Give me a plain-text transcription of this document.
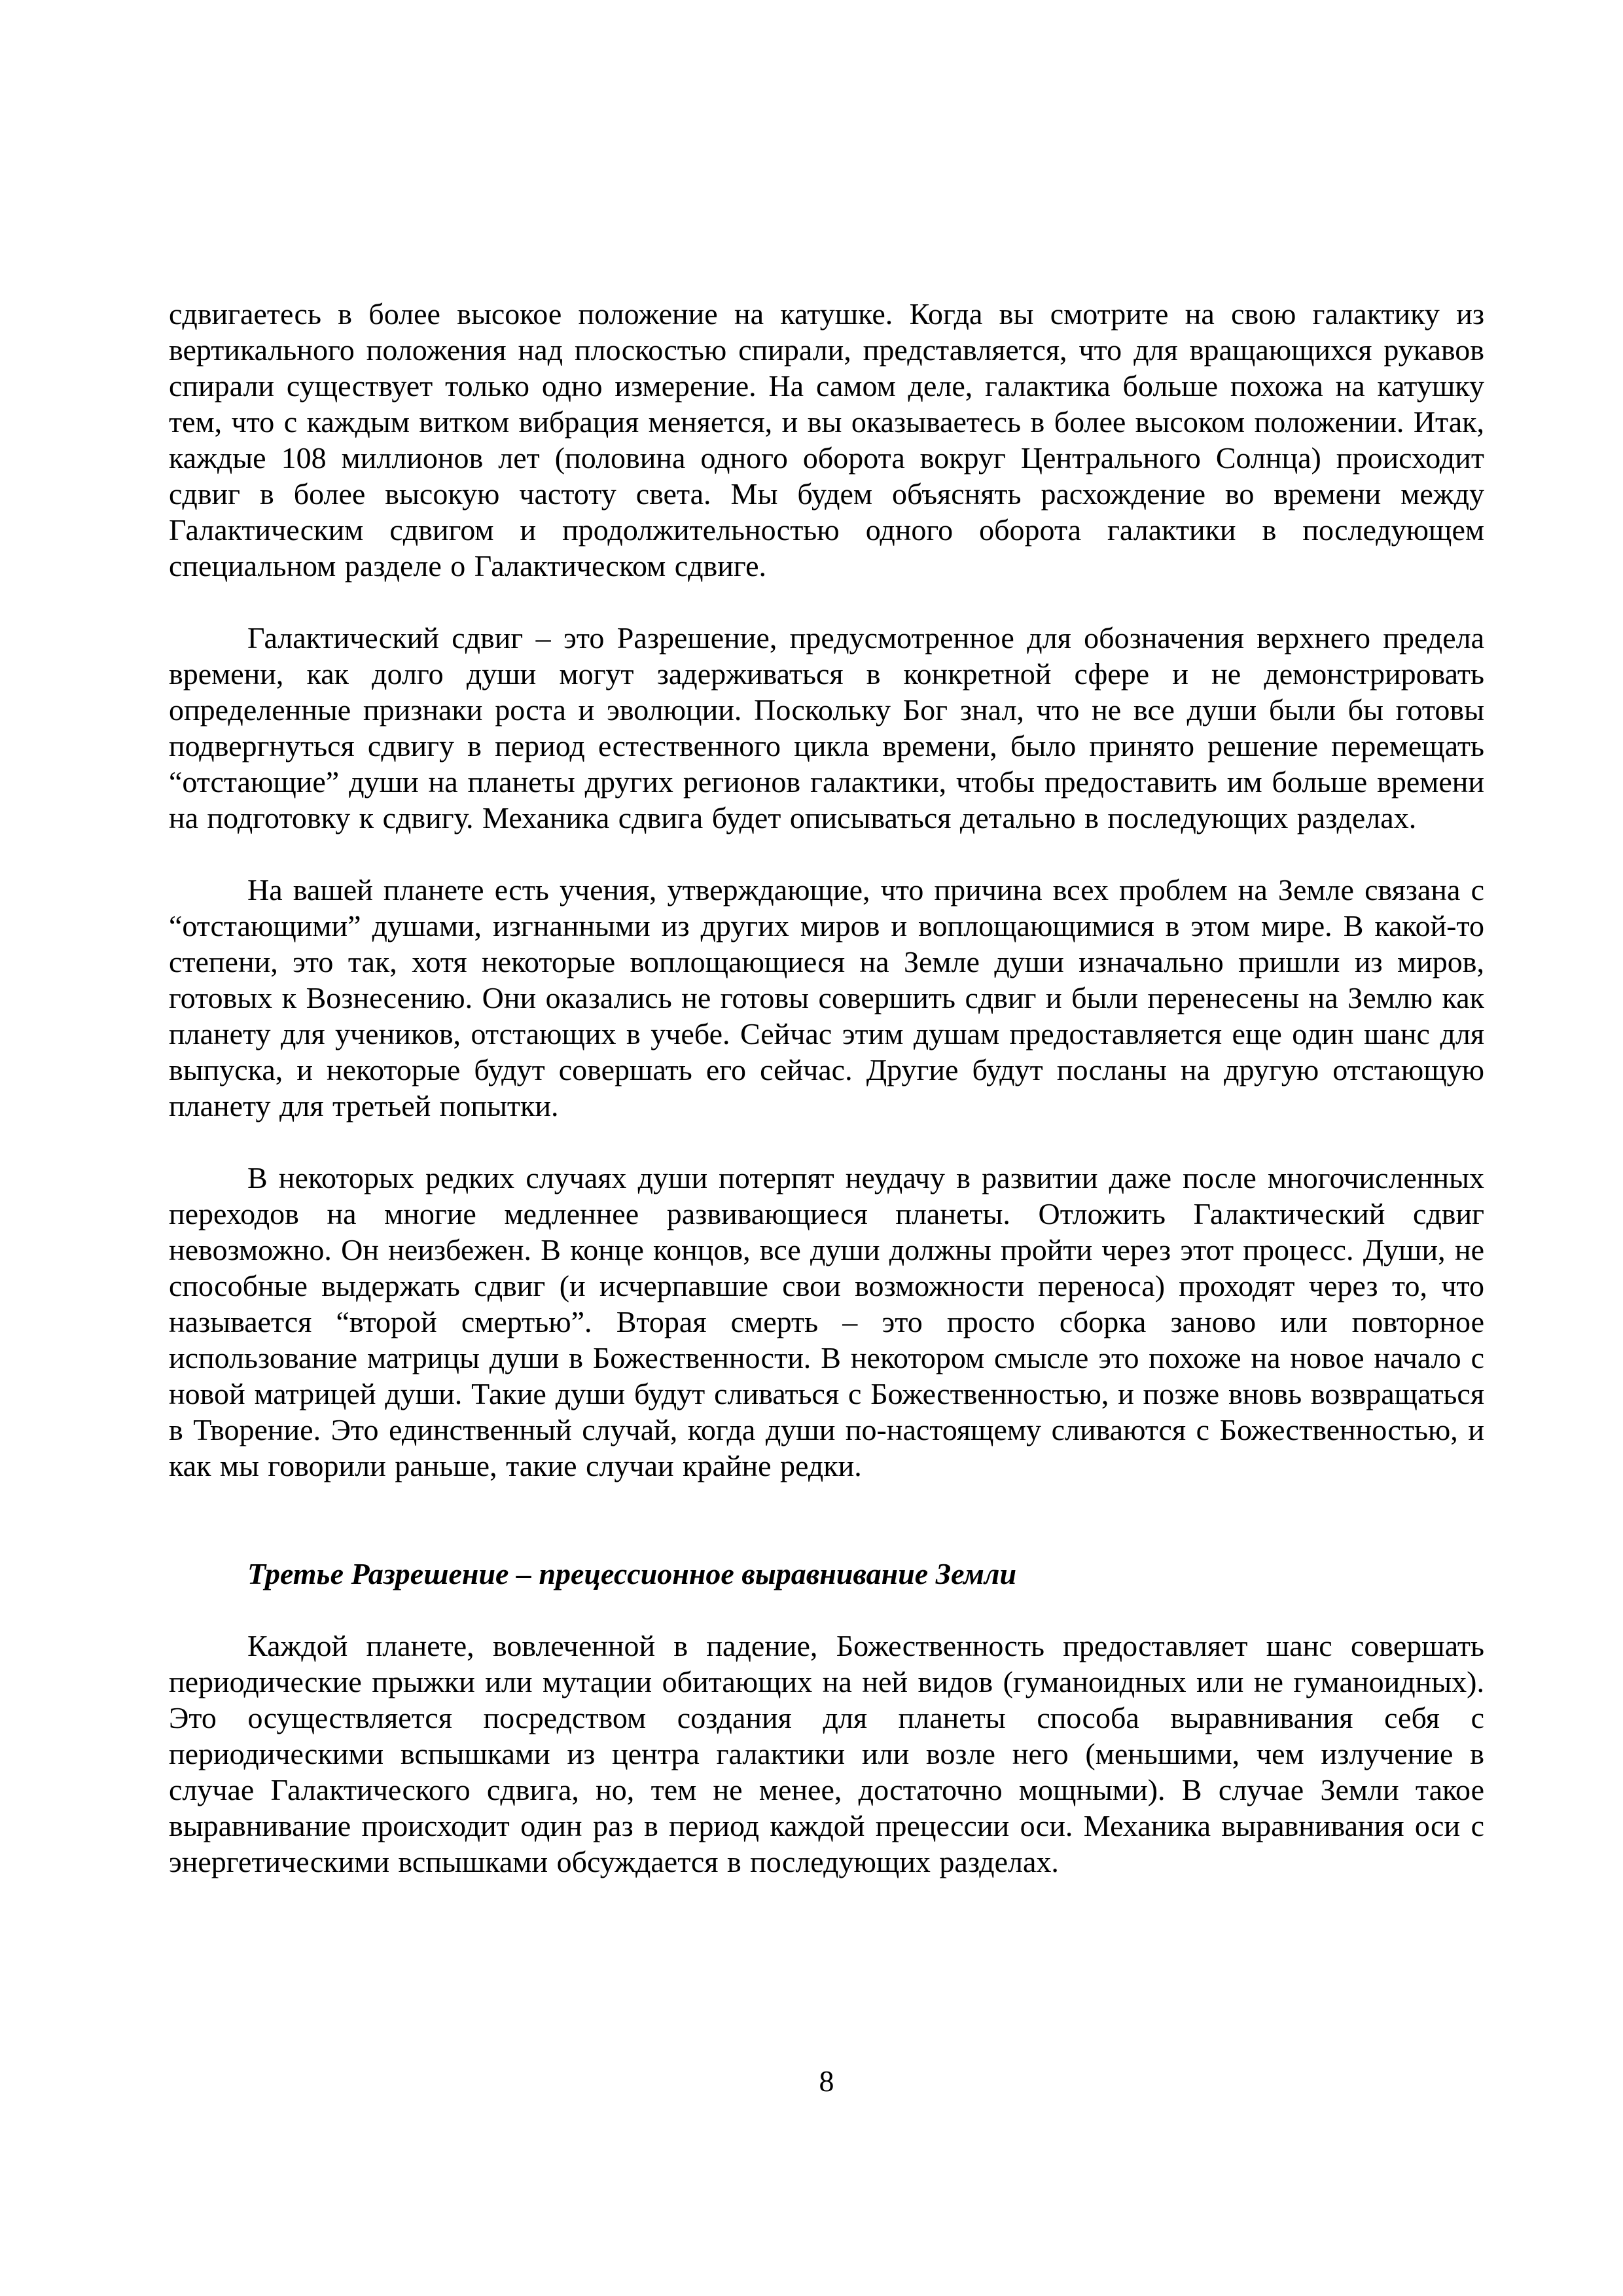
сдвигаетесь в более высокое положение на катушке. Когда вы смотрите на свою галактику из вертикального положения над плоскостью спирали, представляется, что для вращающихся рукавов спирали существует только одно измерение. На самом деле, галактика больше похожа на катушку тем, что с каждым витком вибрация меняется, и вы оказываетесь в более высоком положении. Итак, каждые 108 миллионов лет (половина одного оборота вокруг Центрального Солнца) происходит сдвиг в более высокую частоту света. Мы будем объяснять расхождение во времени между Галактическим сдвигом и продолжительностью одного оборота галактики в последующем специальном разделе о Галактическом сдвиге.

Галактический сдвиг – это Разрешение, предусмотренное для обозначения верхнего предела времени, как долго души могут задерживаться в конкретной сфере и не демонстрировать определенные признаки роста и эволюции. Поскольку Бог знал, что не все души были бы готовы подвергнуться сдвигу в период естественного цикла времени, было принято решение перемещать “отстающие” души на планеты других регионов галактики, чтобы предоставить им больше времени на подготовку к сдвигу. Механика сдвига будет описываться детально в последующих разделах.

На вашей планете есть учения, утверждающие, что причина всех проблем на Земле связана с “отстающими” душами, изгнанными из других миров и воплощающимися в этом мире. В какой-то степени, это так, хотя некоторые воплощающиеся на Земле души изначально пришли из миров, готовых к Вознесению. Они оказались не готовы совершить сдвиг и были перенесены на Землю как планету для учеников, отстающих в учебе. Сейчас этим душам предоставляется еще один шанс для выпуска, и некоторые будут совершать его сейчас. Другие будут посланы на другую отстающую планету для третьей попытки.

В некоторых редких случаях души потерпят неудачу в развитии даже после многочисленных переходов на многие медленнее развивающиеся планеты. Отложить Галактический сдвиг невозможно. Он неизбежен. В конце концов, все души должны пройти через этот процесс. Души, не способные выдержать сдвиг (и исчерпавшие свои возможности переноса) проходят через то, что называется “второй смертью”. Вторая смерть – это просто сборка заново или повторное использование матрицы души в Божественности. В некотором смысле это похоже на новое начало с новой матрицей души. Такие души будут сливаться с Божественностью, и позже вновь возвращаться в Творение. Это единственный случай, когда души по-настоящему сливаются с Божественностью, и как мы говорили раньше, такие случаи крайне редки.

Третье Разрешение – прецессионное выравнивание Земли

Каждой планете, вовлеченной в падение, Божественность предоставляет шанс совершать периодические прыжки или мутации обитающих на ней видов (гуманоидных или не гуманоидных). Это осуществляется посредством создания для планеты способа выравнивания себя с периодическими вспышками из центра галактики или возле него (меньшими, чем излучение в случае Галактического сдвига, но, тем не менее, достаточно мощными). В случае Земли такое выравнивание происходит один раз в период каждой прецессии оси. Механика выравнивания оси с энергетическими вспышками обсуждается в последующих разделах.

8
